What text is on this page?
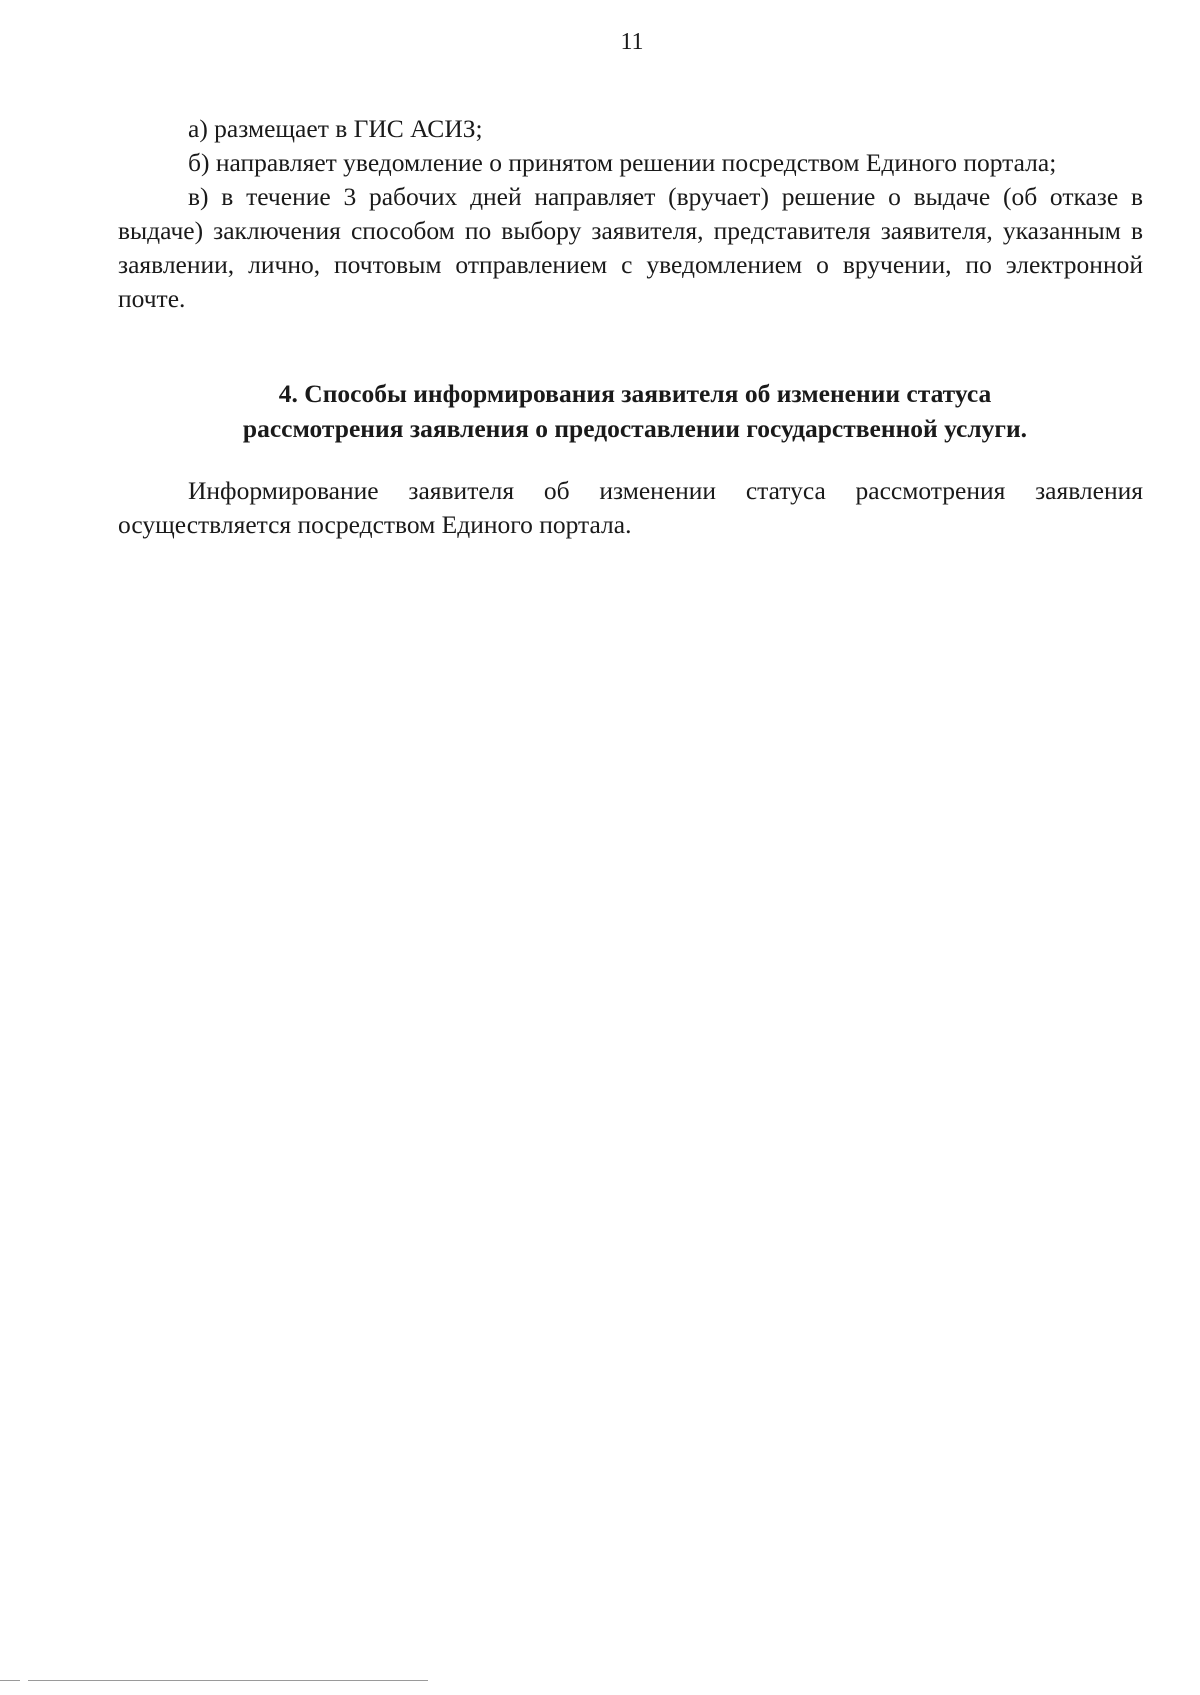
11

а) размещает в ГИС АСИЗ;

б) направляет уведомление о принятом решении посредством Единого портала;

в) в течение 3 рабочих дней направляет (вручает) решение о выдаче (об отказе в выдаче) заключения способом по выбору заявителя, представителя заявителя, указанным в заявлении, лично, почтовым отправлением с уведомлением о вручении, по электронной почте.

4. Способы информирования заявителя об изменении статуса
рассмотрения заявления о предоставлении государственной услуги.

Информирование заявителя об изменении статуса рассмотрения заявления осуществляется посредством Единого портала.
